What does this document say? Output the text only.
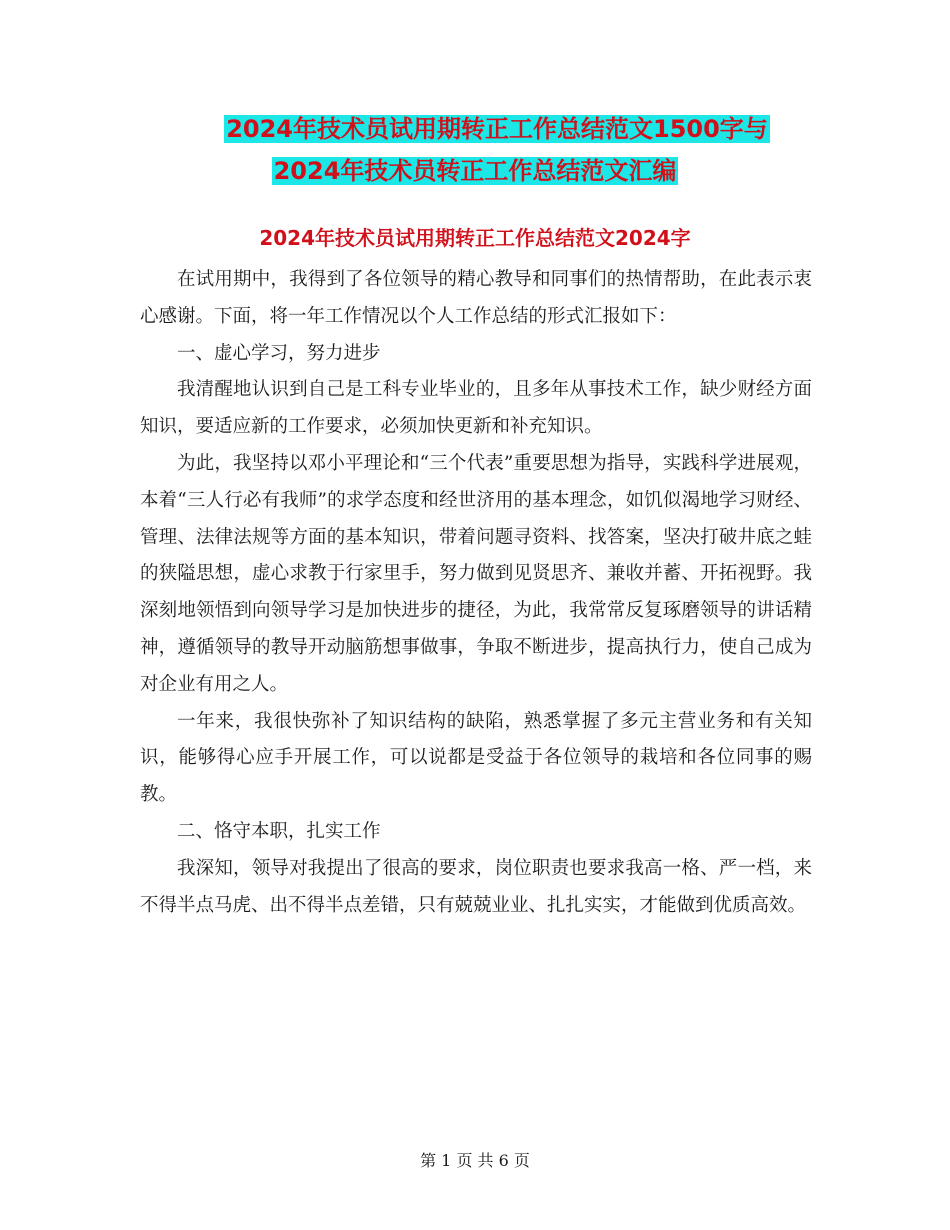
2024年技术员试用期转正工作总结范文1500字与
2024年技术员转正工作总结范文汇编
2024年技术员试用期转正工作总结范文2024字

在试用期中，我得到了各位领导的精心教导和同事们的热情帮助，在此表示衷心感谢。下面，将一年工作情况以个人工作总结的形式汇报如下：

一、虚心学习，努力进步

我清醒地认识到自己是工科专业毕业的，且多年从事技术工作，缺少财经方面知识，要适应新的工作要求，必须加快更新和补充知识。

为此，我坚持以邓小平理论和“三个代表”重要思想为指导，实践科学进展观，本着“三人行必有我师”的求学态度和经世济用的基本理念，如饥似渴地学习财经、管理、法律法规等方面的基本知识，带着问题寻资料、找答案，坚决打破井底之蛙的狭隘思想，虚心求教于行家里手，努力做到见贤思齐、兼收并蓄、开拓视野。我深刻地领悟到向领导学习是加快进步的捷径，为此，我常常反复琢磨领导的讲话精神，遵循领导的教导开动脑筋想事做事，争取不断进步，提高执行力，使自己成为对企业有用之人。

一年来，我很快弥补了知识结构的缺陷，熟悉掌握了多元主营业务和有关知识，能够得心应手开展工作，可以说都是受益于各位领导的栽培和各位同事的赐教。

二、恪守本职，扎实工作

我深知，领导对我提出了很高的要求，岗位职责也要求我高一格、严一档，来不得半点马虎、出不得半点差错，只有兢兢业业、扎扎实实，才能做到优质高效。

第 1 页 共 6 页
